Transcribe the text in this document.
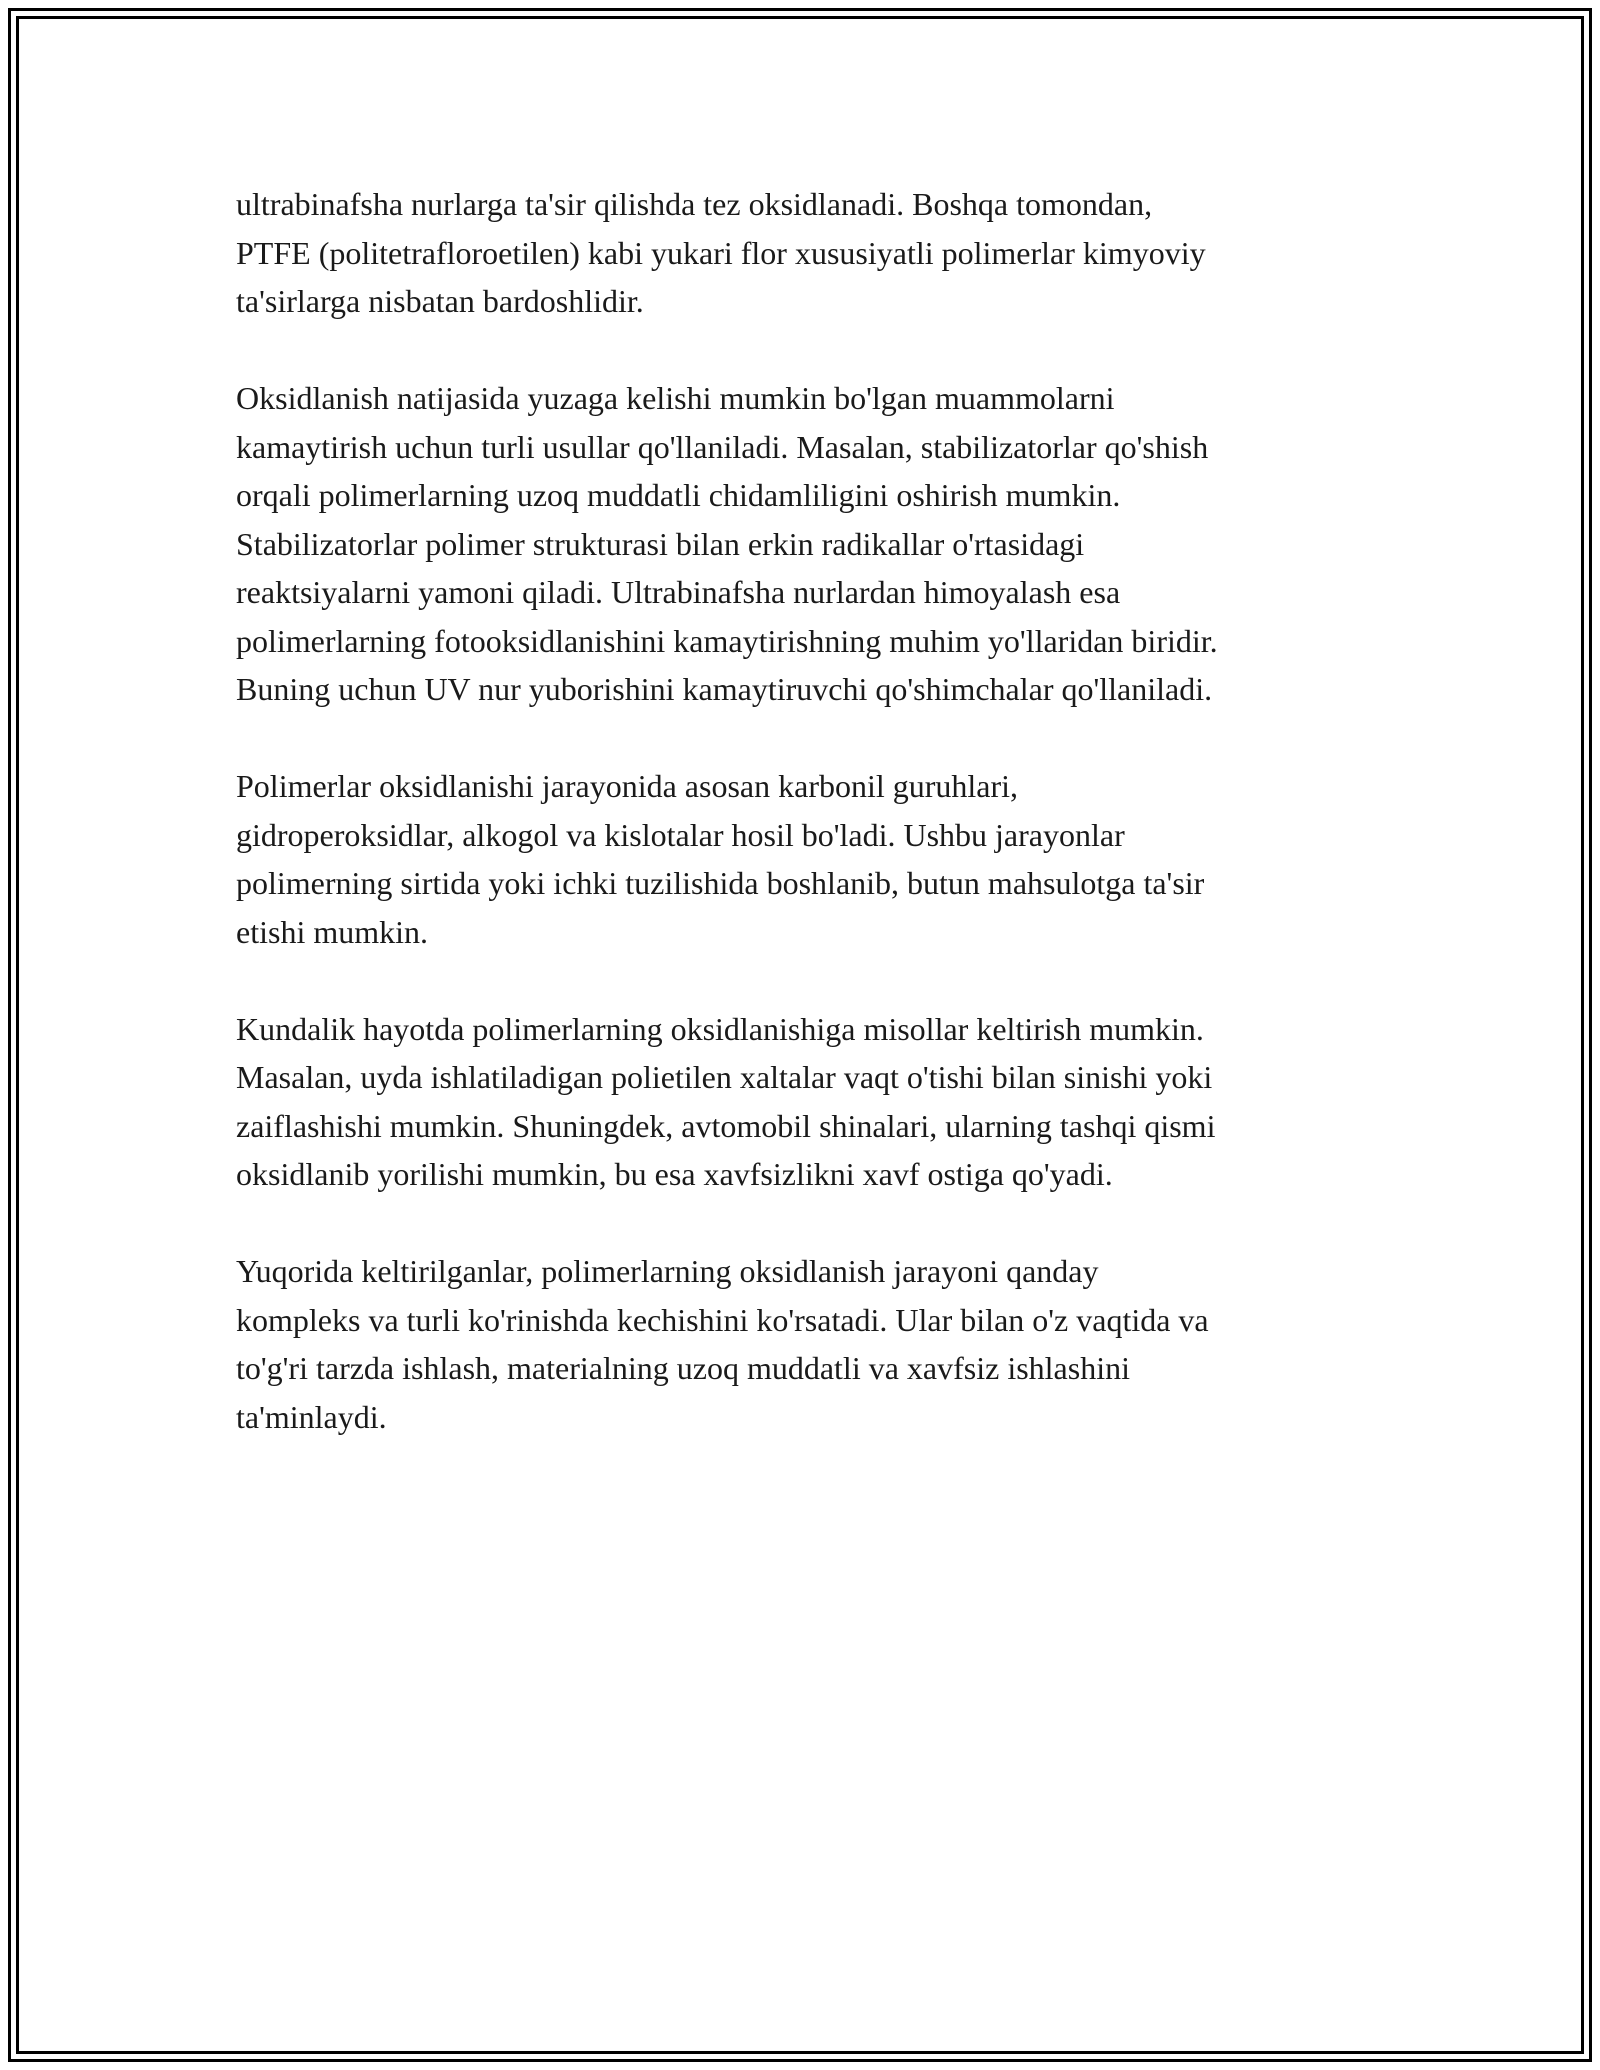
ultrabinafsha nurlarga ta'sir qilishda tez oksidlanadi. Boshqa tomondan,
PTFE (politetrafloroetilen) kabi yukari flor xususiyatli polimerlar kimyoviy
ta'sirlarga nisbatan bardoshlidir.

Oksidlanish natijasida yuzaga kelishi mumkin bo'lgan muammolarni
kamaytirish uchun turli usullar qo'llaniladi. Masalan, stabilizatorlar qo'shish
orqali polimerlarning uzoq muddatli chidamliligini oshirish mumkin.
Stabilizatorlar polimer strukturasi bilan erkin radikallar o'rtasidagi
reaktsiyalarni yamoni qiladi. Ultrabinafsha nurlardan himoyalash esa
polimerlarning fotooksidlanishini kamaytirishning muhim yo'llaridan biridir.
Buning uchun UV nur yuborishini kamaytiruvchi qo'shimchalar qo'llaniladi.

Polimerlar oksidlanishi jarayonida asosan karbonil guruhlari,
gidroperoksidlar, alkogol va kislotalar hosil bo'ladi. Ushbu jarayonlar
polimerning sirtida yoki ichki tuzilishida boshlanib, butun mahsulotga ta'sir
etishi mumkin.

Kundalik hayotda polimerlarning oksidlanishiga misollar keltirish mumkin.
Masalan, uyda ishlatiladigan polietilen xaltalar vaqt o'tishi bilan sinishi yoki
zaiflashishi mumkin. Shuningdek, avtomobil shinalari, ularning tashqi qismi
oksidlanib yorilishi mumkin, bu esa xavfsizlikni xavf ostiga qo'yadi.

Yuqorida keltirilganlar, polimerlarning oksidlanish jarayoni qanday
kompleks va turli ko'rinishda kechishini ko'rsatadi. Ular bilan o'z vaqtida va
to'g'ri tarzda ishlash, materialning uzoq muddatli va xavfsiz ishlashini
ta'minlaydi.
